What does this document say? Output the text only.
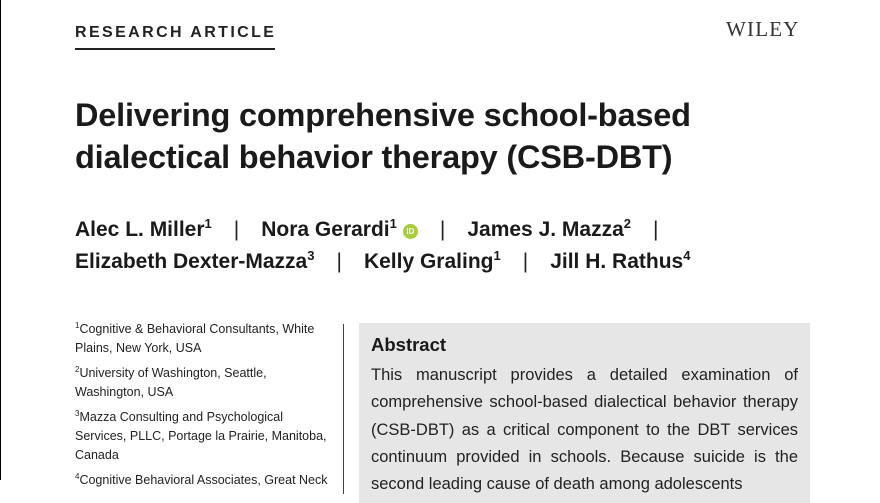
RESEARCH ARTICLE	WILEY
Delivering comprehensive school-based dialectical behavior therapy (CSB-DBT)
Alec L. Miller$^1$ | Nora Gerardi$^1$iD | James J. Mazza$^2$ |
Elizabeth Dexter-Mazza$^3$ | Kelly Graling$^1$ | Jill H. Rathus$^4$

$^1$Cognitive & Behavioral Consultants, White Plains, New York, USA

$^2$University of Washington, Seattle, Washington, USA

$^3$Mazza Consulting and Psychological Services, PLLC, Portage la Prairie, Manitoba, Canada

$^4$Cognitive Behavioral Associates, Great Neck

Abstract

This manuscript provides a detailed examination of comprehensive school-based dialectical behavior therapy (CSB-DBT) as a critical component to the DBT services continuum provided in schools. Because suicide is the second leading cause of death among adolescents
